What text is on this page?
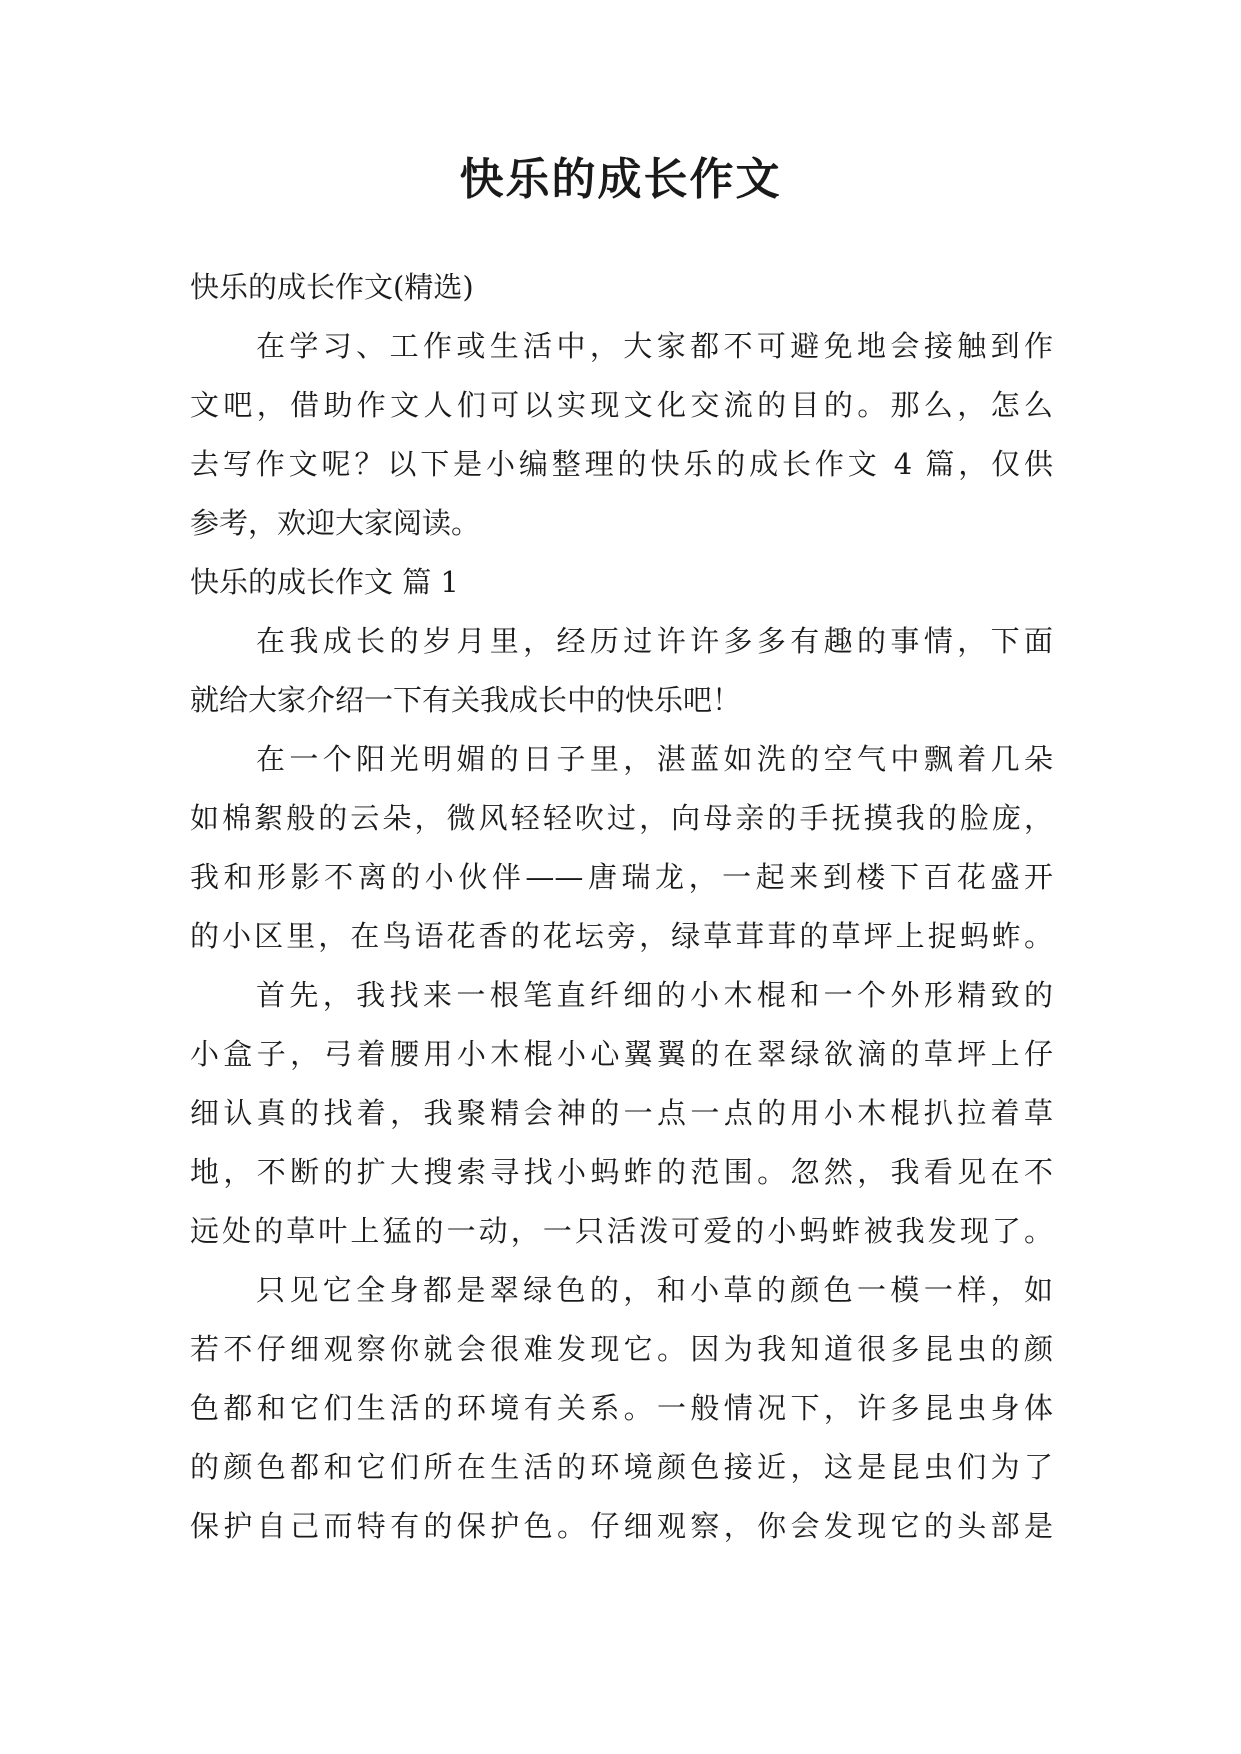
快乐的成长作文
快乐的成长作文(精选)
在学习、工作或生活中，大家都不可避免地会接触到作
文吧，借助作文人们可以实现文化交流的目的。那么，怎么
去写作文呢？以下是小编整理的快乐的成长作文 4 篇，仅供
参考，欢迎大家阅读。
快乐的成长作文 篇 1
在我成长的岁月里，经历过许许多多有趣的事情，下面
就给大家介绍一下有关我成长中的快乐吧！
在一个阳光明媚的日子里，湛蓝如洗的空气中飘着几朵
如棉絮般的云朵，微风轻轻吹过，向母亲的手抚摸我的脸庞，
我和形影不离的小伙伴——唐瑞龙，一起来到楼下百花盛开
的小区里，在鸟语花香的花坛旁，绿草茸茸的草坪上捉蚂蚱。
首先，我找来一根笔直纤细的小木棍和一个外形精致的
小盒子，弓着腰用小木棍小心翼翼的在翠绿欲滴的草坪上仔
细认真的找着，我聚精会神的一点一点的用小木棍扒拉着草
地，不断的扩大搜索寻找小蚂蚱的范围。忽然，我看见在不
远处的草叶上猛的一动，一只活泼可爱的小蚂蚱被我发现了。
只见它全身都是翠绿色的，和小草的颜色一模一样，如
若不仔细观察你就会很难发现它。因为我知道很多昆虫的颜
色都和它们生活的环境有关系。一般情况下，许多昆虫身体
的颜色都和它们所在生活的环境颜色接近，这是昆虫们为了
保护自己而特有的保护色。仔细观察，你会发现它的头部是
